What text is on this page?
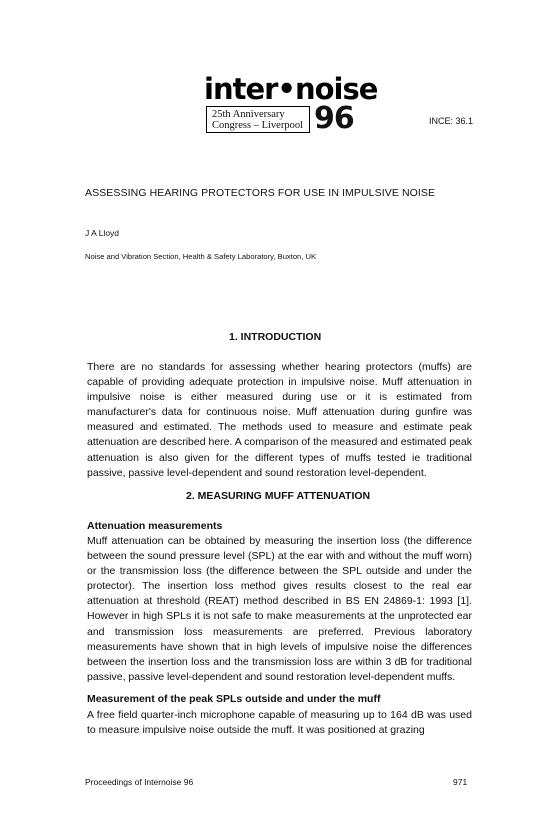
inter•noise
25th Anniversary
Congress – Liverpool 96	INCE: 36.1
ASSESSING HEARING PROTECTORS FOR USE IN IMPULSIVE NOISE
J A Lloyd
Noise and Vibration Section, Health & Safety Laboratory, Buxton, UK
1. INTRODUCTION

There are no standards for assessing whether hearing protectors (muffs) are capable of providing adequate protection in impulsive noise. Muff attenuation in impulsive noise is either measured during use or it is estimated from manufacturer's data for continuous noise. Muff attenuation during gunfire was measured and estimated. The methods used to measure and estimate peak attenuation are described here. A comparison of the measured and estimated peak attenuation is also given for the different types of muffs tested ie traditional passive, passive level-dependent and sound restoration level-dependent.

2. MEASURING MUFF ATTENUATION
Attenuation measurements

Muff attenuation can be obtained by measuring the insertion loss (the difference between the sound pressure level (SPL) at the ear with and without the muff worn) or the transmission loss (the difference between the SPL outside and under the protector). The insertion loss method gives results closest to the real ear attenuation at threshold (REAT) method described in BS EN 24869-1: 1993 [1]. However in high SPLs it is not safe to make measurements at the unprotected ear and transmission loss measurements are preferred. Previous laboratory measurements have shown that in high levels of impulsive noise the differences between the insertion loss and the transmission loss are within 3 dB for traditional passive, passive level-dependent and sound restoration level-dependent muffs.

Measurement of the peak SPLs outside and under the muff

A free field quarter-inch microphone capable of measuring up to 164 dB was used to measure impulsive noise outside the muff. It was positioned at grazing

Proceedings of Internoise 96	971
